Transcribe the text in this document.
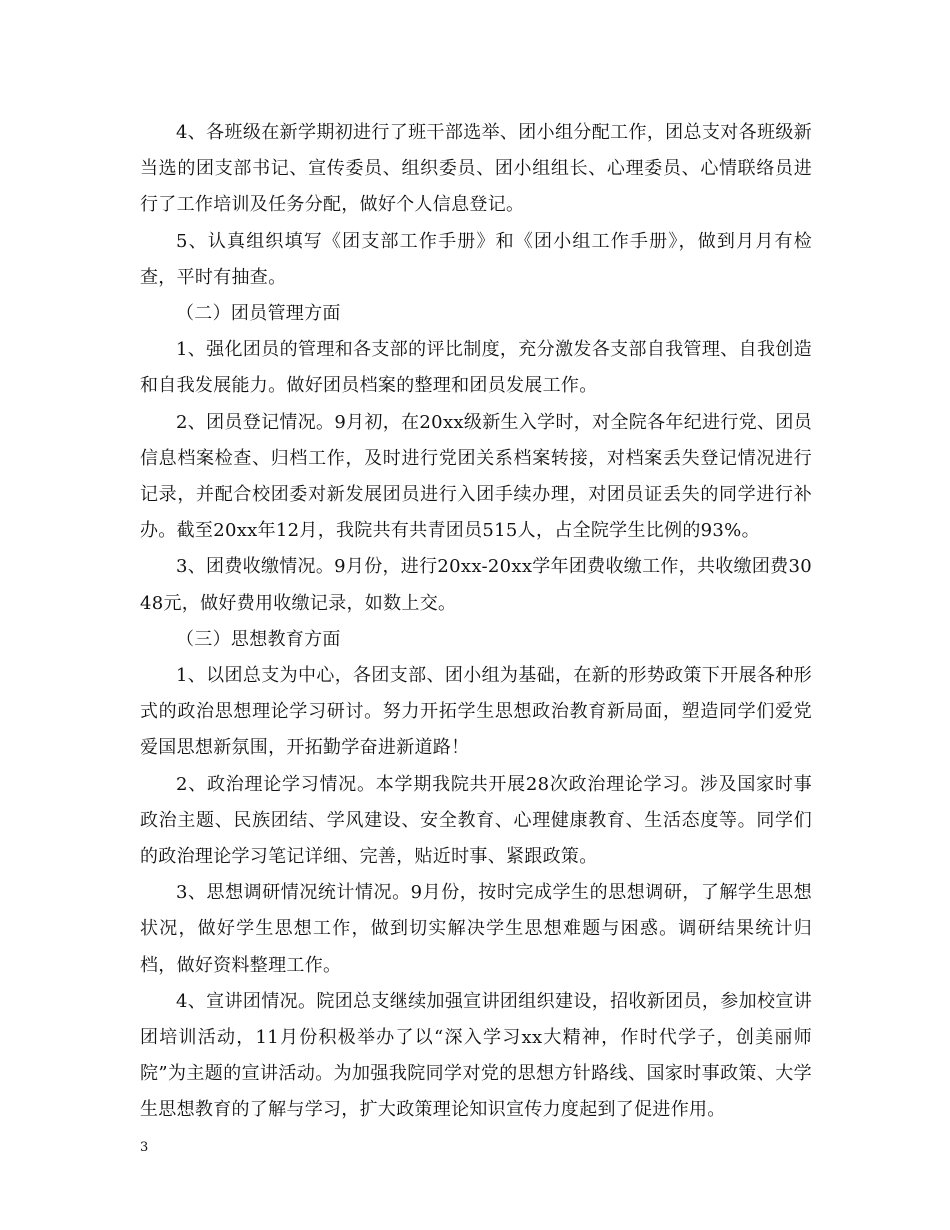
4、各班级在新学期初进行了班干部选举、团小组分配工作，团总支对各班级新当选的团支部书记、宣传委员、组织委员、团小组组长、心理委员、心情联络员进行了工作培训及任务分配，做好个人信息登记。

5、认真组织填写《团支部工作手册》和《团小组工作手册》，做到月月有检查，平时有抽查。

（二）团员管理方面

1、强化团员的管理和各支部的评比制度，充分激发各支部自我管理、自我创造和自我发展能力。做好团员档案的整理和团员发展工作。

2、团员登记情况。9月初，在20xx级新生入学时，对全院各年纪进行党、团员信息档案检查、归档工作，及时进行党团关系档案转接，对档案丢失登记情况进行记录，并配合校团委对新发展团员进行入团手续办理，对团员证丢失的同学进行补办。截至20xx年12月，我院共有共青团员515人，占全院学生比例的93%。

3、团费收缴情况。9月份，进行20xx-20xx学年团费收缴工作，共收缴团费3048元，做好费用收缴记录，如数上交。

（三）思想教育方面

1、以团总支为中心，各团支部、团小组为基础，在新的形势政策下开展各种形式的政治思想理论学习研讨。努力开拓学生思想政治教育新局面，塑造同学们爱党爱国思想新氛围，开拓勤学奋进新道路！

2、政治理论学习情况。本学期我院共开展28次政治理论学习。涉及国家时事政治主题、民族团结、学风建设、安全教育、心理健康教育、生活态度等。同学们的政治理论学习笔记详细、完善，贴近时事、紧跟政策。

3、思想调研情况统计情况。9月份，按时完成学生的思想调研，了解学生思想状况，做好学生思想工作，做到切实解决学生思想难题与困惑。调研结果统计归档，做好资料整理工作。

4、宣讲团情况。院团总支继续加强宣讲团组织建设，招收新团员，参加校宣讲团培训活动，11月份积极举办了以“深入学习xx大精神，作时代学子，创美丽师院”为主题的宣讲活动。为加强我院同学对党的思想方针路线、国家时事政策、大学生思想教育的了解与学习，扩大政策理论知识宣传力度起到了促进作用。

3
